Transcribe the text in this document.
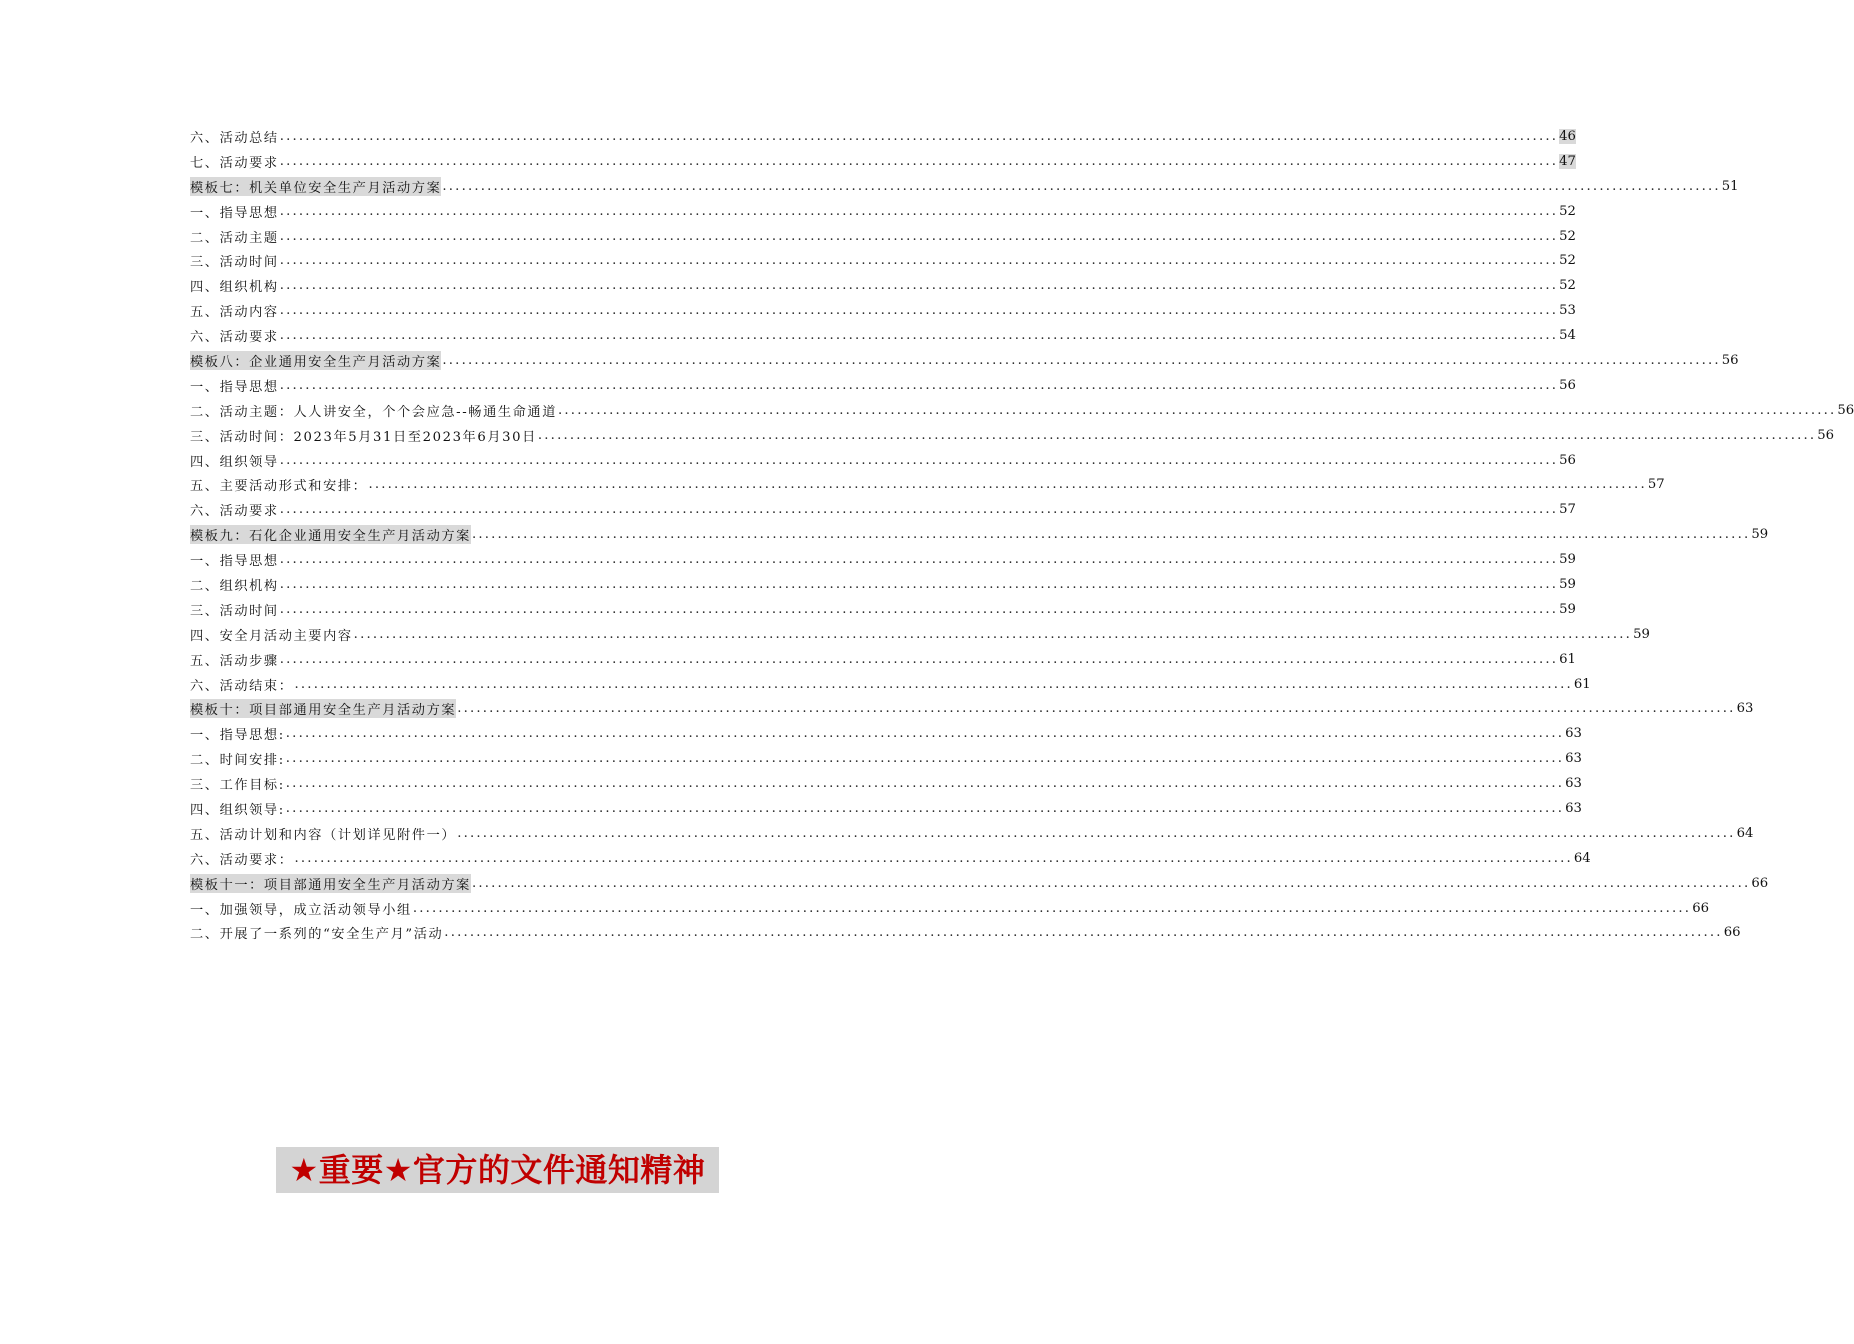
六、活动总结 ........................................................................................................................................................................................................ 46
七、活动要求 ........................................................................................................................................................................................................ 47
模板七：机关单位安全生产月活动方案 ........................................................................................................................................................................................................ 51
一、指导思想 ........................................................................................................................................................................................................ 52
二、活动主题 ........................................................................................................................................................................................................ 52
三、活动时间 ........................................................................................................................................................................................................ 52
四、组织机构 ........................................................................................................................................................................................................ 52
五、活动内容 ........................................................................................................................................................................................................ 53
六、活动要求 ........................................................................................................................................................................................................ 54
模板八：企业通用安全生产月活动方案 ........................................................................................................................................................................................................ 56
一、指导思想 ........................................................................................................................................................................................................ 56
二、活动主题：人人讲安全，个个会应急--畅通生命通道 ........................................................................................................................................................................................................ 56
三、活动时间：2023年5月31日至2023年6月30日 ........................................................................................................................................................................................................ 56
四、组织领导 ........................................................................................................................................................................................................ 56
五、主要活动形式和安排： ........................................................................................................................................................................................................ 57
六、活动要求 ........................................................................................................................................................................................................ 57
模板九：石化企业通用安全生产月活动方案 ........................................................................................................................................................................................................ 59
一、指导思想 ........................................................................................................................................................................................................ 59
二、组织机构 ........................................................................................................................................................................................................ 59
三、活动时间 ........................................................................................................................................................................................................ 59
四、安全月活动主要内容 ........................................................................................................................................................................................................ 59
五、活动步骤 ........................................................................................................................................................................................................ 61
六、活动结束： ........................................................................................................................................................................................................ 61
模板十：项目部通用安全生产月活动方案 ........................................................................................................................................................................................................ 63
一、指导思想: ........................................................................................................................................................................................................ 63
二、时间安排: ........................................................................................................................................................................................................ 63
三、工作目标: ........................................................................................................................................................................................................ 63
四、组织领导: ........................................................................................................................................................................................................ 63
五、活动计划和内容（计划详见附件一） ........................................................................................................................................................................................................ 64
六、活动要求： ........................................................................................................................................................................................................ 64
模板十一：项目部通用安全生产月活动方案 ........................................................................................................................................................................................................ 66
一、加强领导，成立活动领导小组 ........................................................................................................................................................................................................ 66
二、开展了一系列的“安全生产月”活动 ........................................................................................................................................................................................................ 66
★重要★官方的文件通知精神
